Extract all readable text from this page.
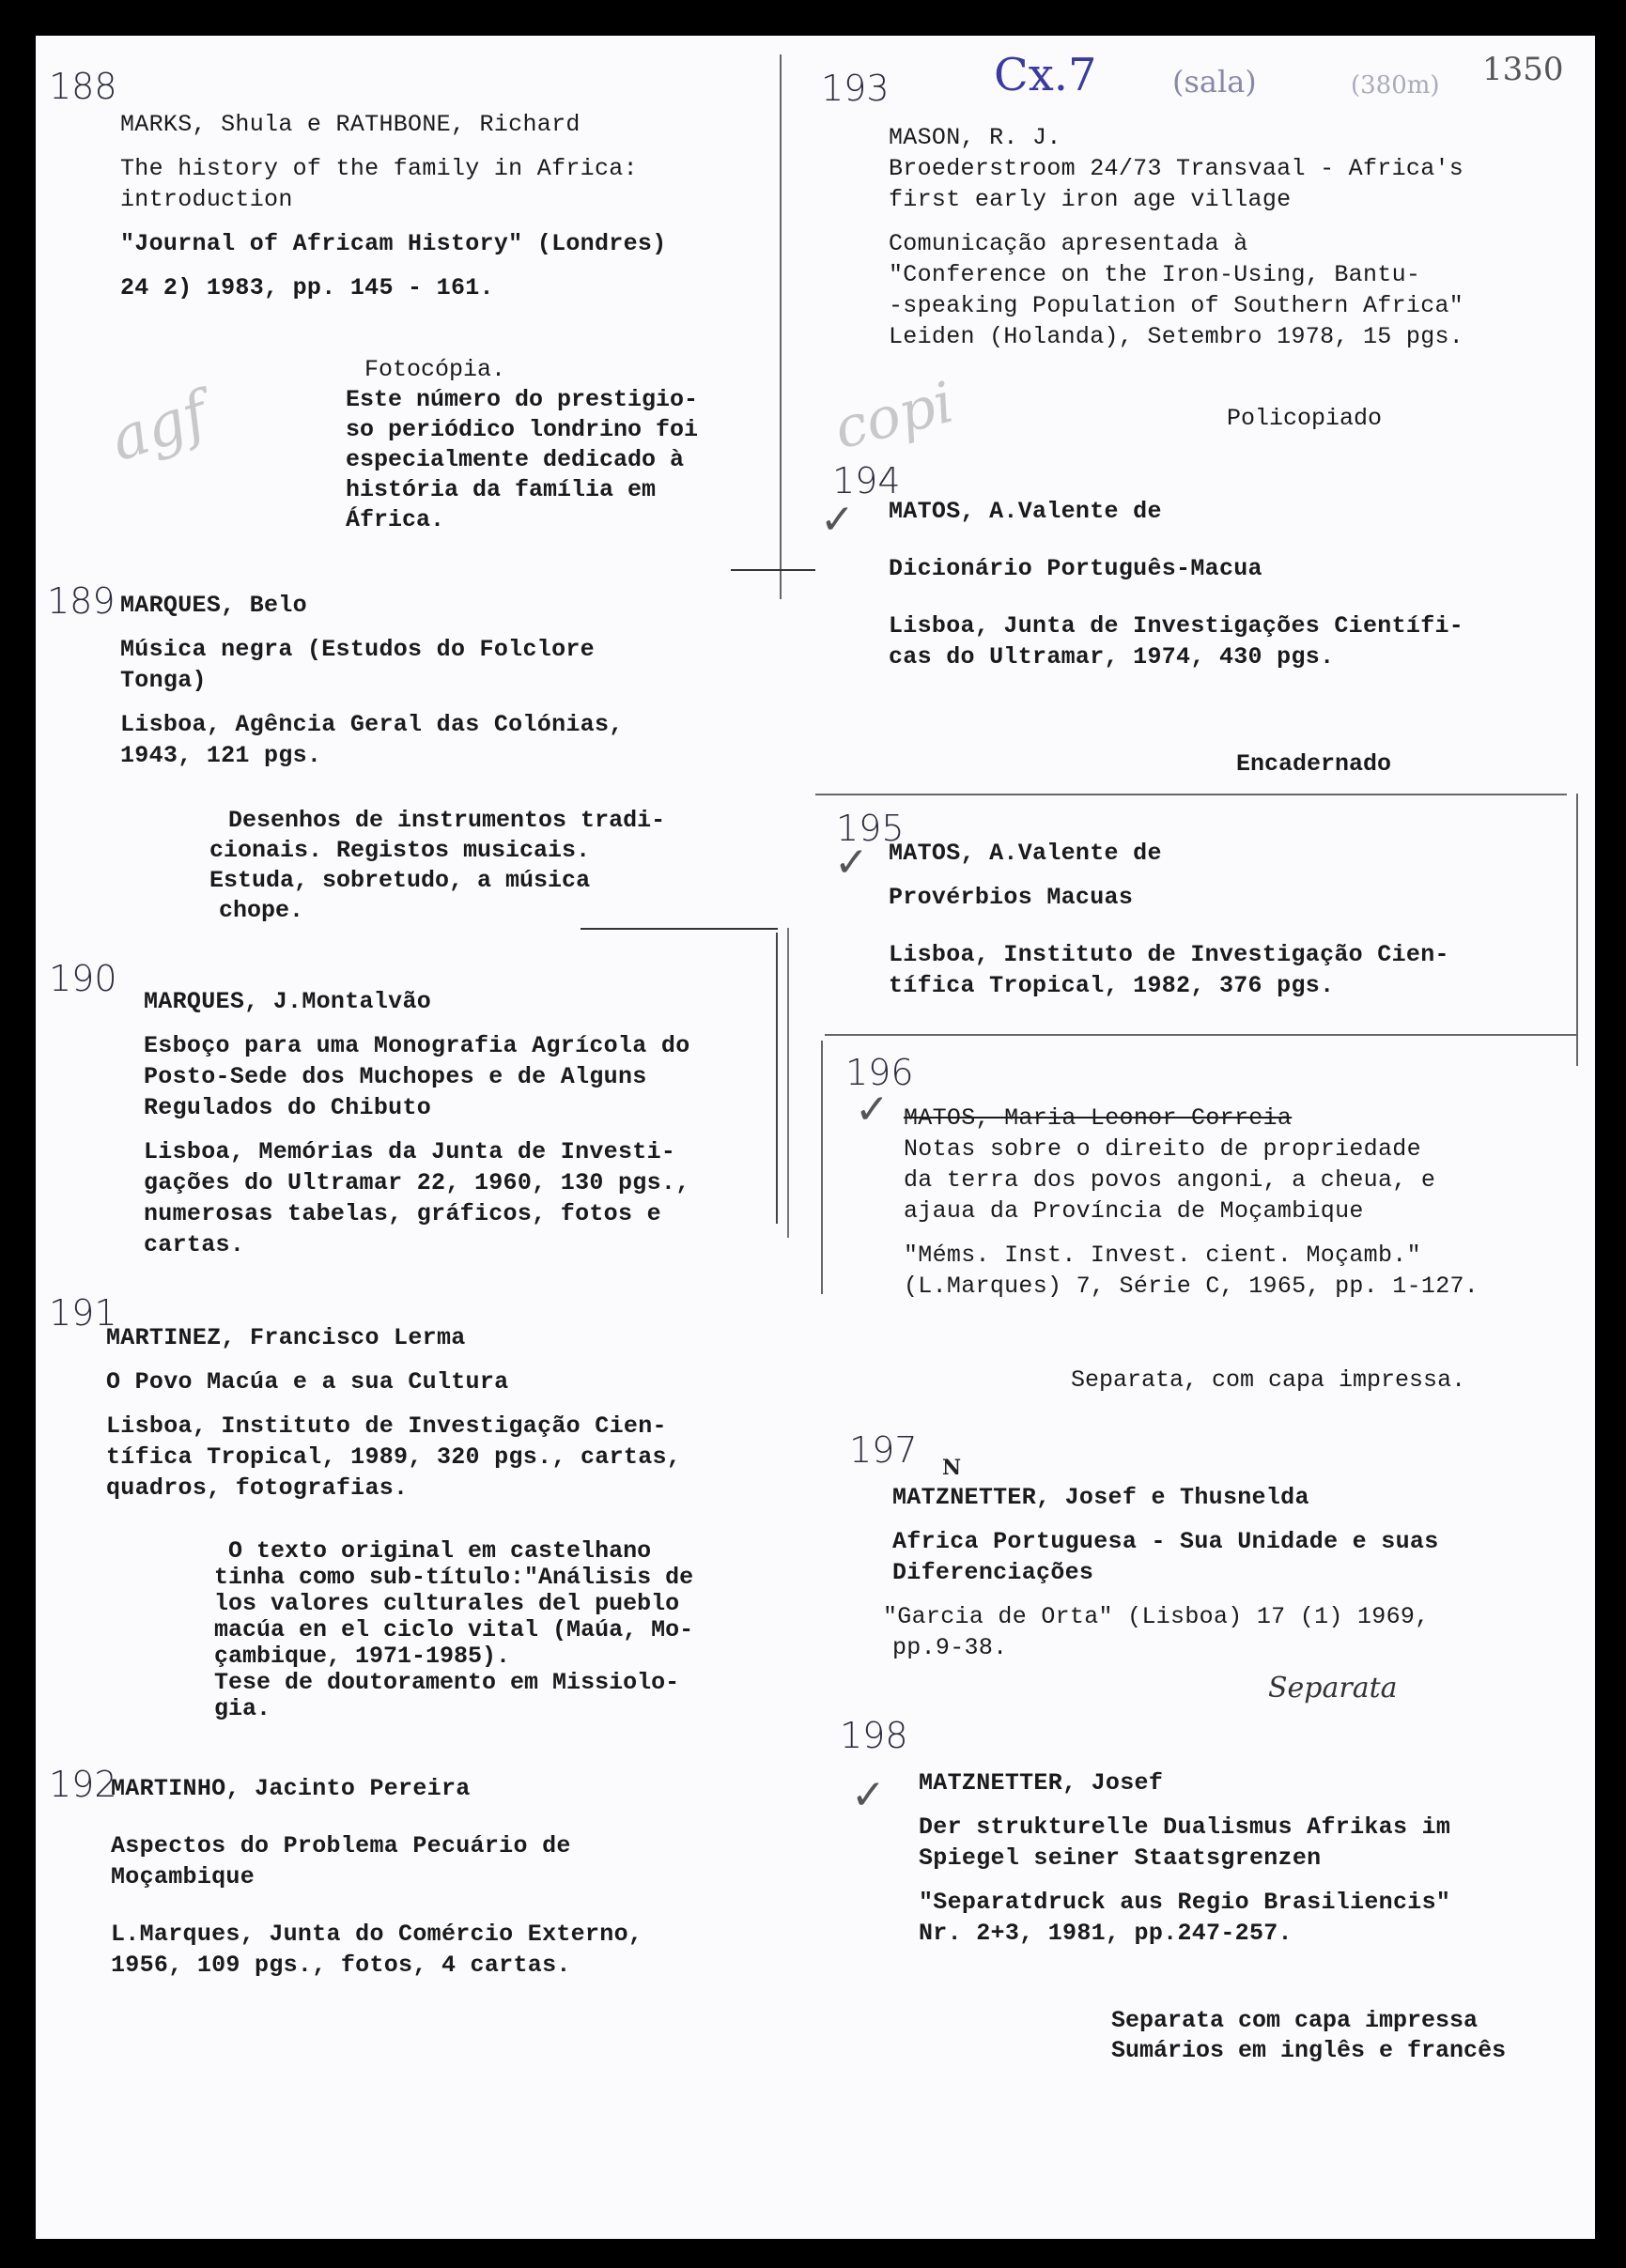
Cx.7	(sala)	(380m) 1350
188
MARKS, Shula e RATHBONE, Richard
The history of the family in Africa:
introduction
"Journal of Africam History" (Londres)
24 2) 1983, pp. 145 - 161.
Fotocópia.
Este número do prestigio-
so periódico londrino foi
especialmente dedicado à
história da família em
África.
agf
189 MARQUES, Belo
Música negra (Estudos do Folclore
Tonga)
Lisboa, Agência Geral das Colónias,
1943, 121 pgs.
Desenhos de instrumentos tradi-
cionais. Registos musicais.
Estuda, sobretudo, a música
chope.
190
MARQUES, J.Montalvão
Esboço para uma Monografia Agrícola do
Posto-Sede dos Muchopes e de Alguns
Regulados do Chibuto
Lisboa, Memórias da Junta de Investi-
gações do Ultramar 22, 1960, 130 pgs.,
numerosas tabelas, gráficos, fotos e
cartas.
191
MARTINEZ, Francisco Lerma
O Povo Macúa e a sua Cultura
Lisboa, Instituto de Investigação Cien-
tífica Tropical, 1989, 320 pgs., cartas,
quadros, fotografias.
O texto original em castelhano
tinha como sub-título:"Análisis de
los valores culturales del pueblo
macúa en el ciclo vital (Maúa, Mo-
çambique, 1971-1985).
Tese de doutoramento em Missiolo-
gia.
192
MARTINHO, Jacinto Pereira
Aspectos do Problema Pecuário de
Moçambique
L.Marques, Junta do Comércio Externo,
1956, 109 pgs., fotos, 4 cartas.
193
MASON, R. J.
Broederstroom 24/73 Transvaal - Africa's
first early iron age village
Comunicação apresentada à
"Conference on the Iron-Using, Bantu-
-speaking Population of Southern Africa"
Leiden (Holanda), Setembro 1978, 15 pgs.
Policopiado
copi
194
✓ MATOS, A.Valente de
Dicionário Português-Macua
Lisboa, Junta de Investigações Científi-
cas do Ultramar, 1974, 430 pgs.
Encadernado
195
✓ MATOS, A.Valente de
Provérbios Macuas
Lisboa, Instituto de Investigação Cien-
tífica Tropical, 1982, 376 pgs.
196
✓ MATOS, Maria Leonor Correia
Notas sobre o direito de propriedade
da terra dos povos angoni, a cheua, e
ajaua da Província de Moçambique
"Méms. Inst. Invest. cient. Moçamb."
(L.Marques) 7, Série C, 1965, pp. 1-127.
Separata, com capa impressa.
197 N
MATZNETTER, Josef e Thusnelda
Africa Portuguesa - Sua Unidade e suas
Diferenciações
"Garcia de Orta" (Lisboa) 17 (1) 1969,
pp.9-38.
Separata
198
✓ MATZNETTER, Josef
Der strukturelle Dualismus Afrikas im
Spiegel seiner Staatsgrenzen
"Separatdruck aus Regio Brasiliencis"
Nr. 2+3, 1981, pp.247-257.
Separata com capa impressa
Sumários em inglês e francês
